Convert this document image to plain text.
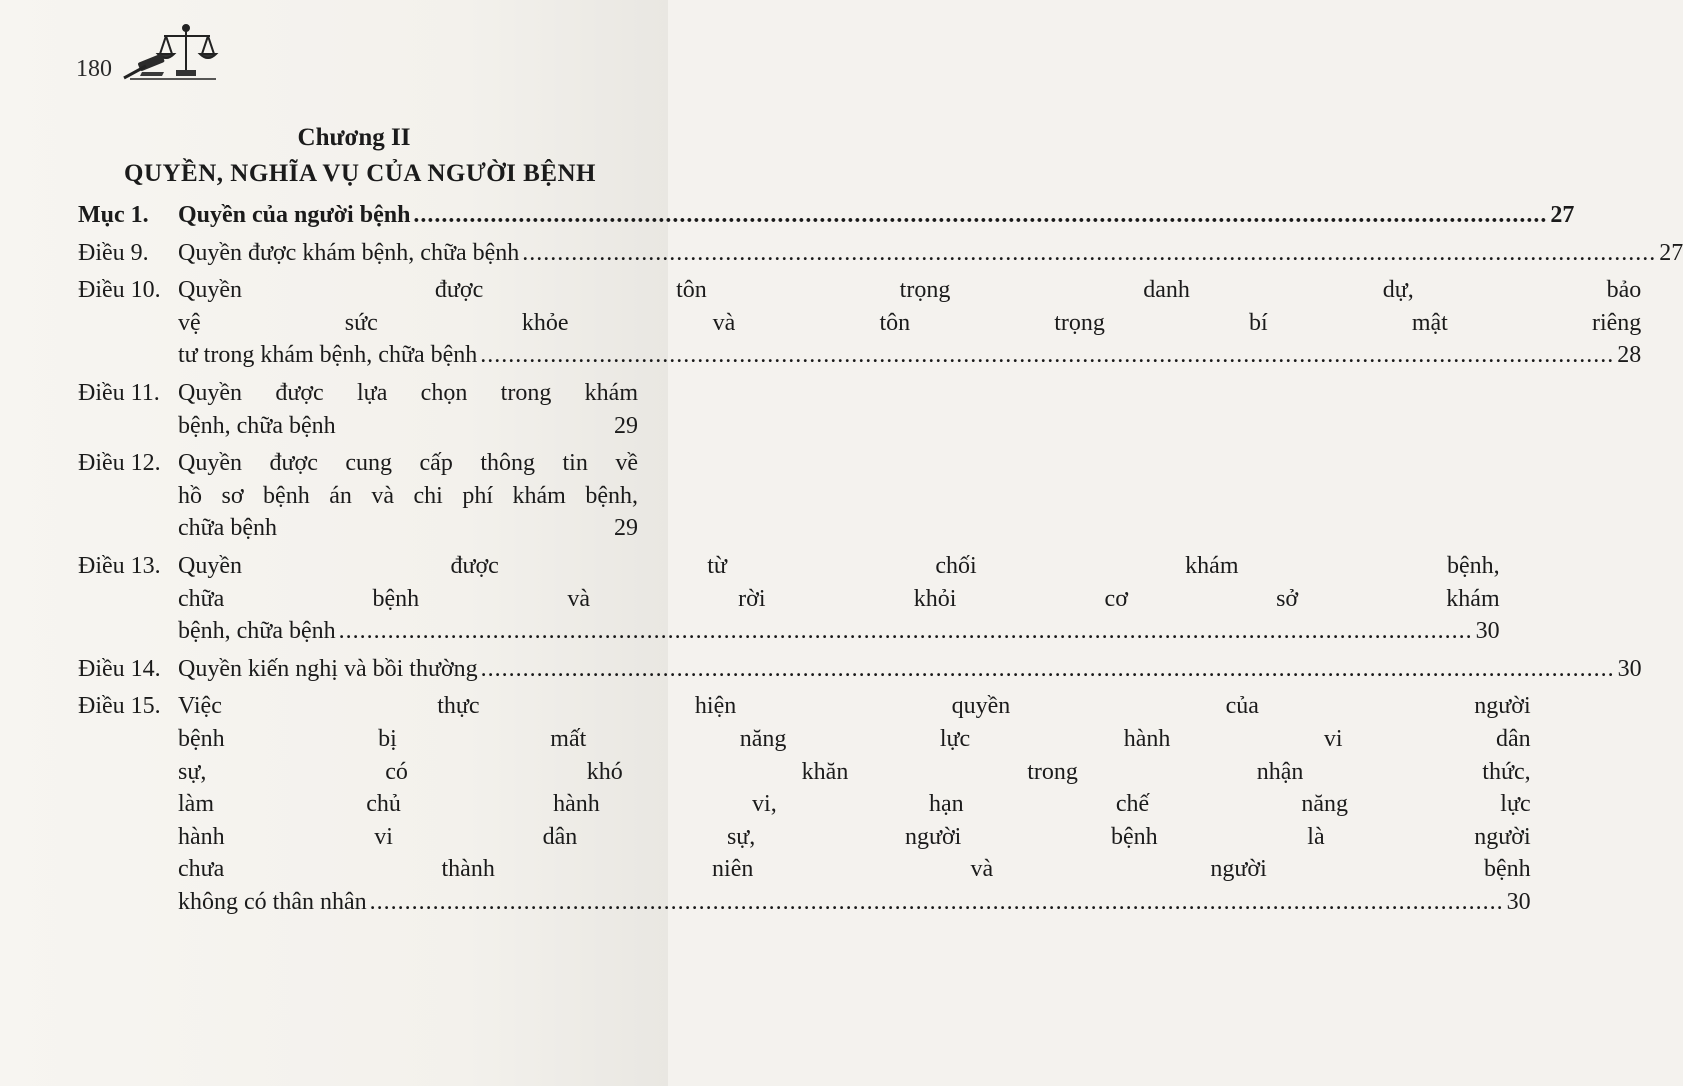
180
Chương II
QUYỀN, NGHĨA VỤ CỦA NGƯỜI BỆNH
Mục 1.	Quyền của người bệnh .....	27
Điều 9.	Quyền được khám bệnh, chữa bệnh .....	27
Điều 10. Quyền được tôn trọng danh dự, bảo
vệ sức khỏe và tôn trọng bí mật riêng
tư trong khám bệnh, chữa bệnh .....	28
Điều 11. Quyền được lựa chọn trong khám
bệnh, chữa bệnh	29
Điều 12. Quyền được cung cấp thông tin về
hồ sơ bệnh án và chi phí khám bệnh,
chữa bệnh	29
Điều 13. Quyền được từ chối khám bệnh,
chữa bệnh và rời khỏi cơ sở khám
bệnh, chữa bệnh .....	30
Điều 14. Quyền kiến nghị và bồi thường .....	30
Điều 15. Việc thực hiện quyền của người
bệnh bị mất năng lực hành vi dân
sự, có khó khăn trong nhận thức,
làm chủ hành vi, hạn chế năng lực
hành vi dân sự, người bệnh là người
chưa thành niên và người bệnh
không có thân nhân .....	30
